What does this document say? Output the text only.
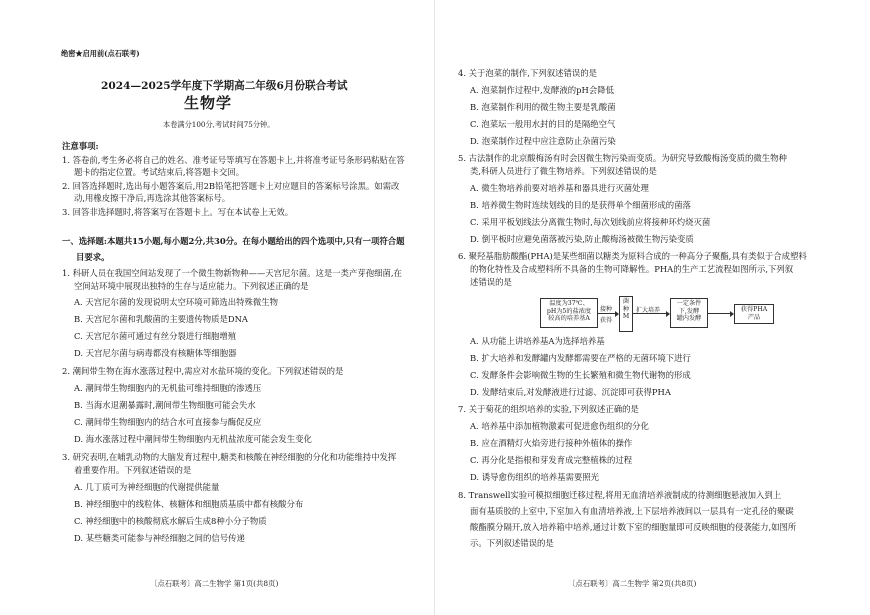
绝密★启用前(点石联考)
2024—2025学年度下学期高二年级6月份联合考试
生物学
本卷满分100分,考试时间75分钟。
注意事项:
1. 答卷前,考生务必将自己的姓名、准考证号等填写在答题卡上,并将准考证号条形码粘贴在答
题卡的指定位置。考试结束后,将答题卡交回。
2. 回答选择题时,选出每小题答案后,用2B铅笔把答题卡上对应题目的答案标号涂黑。如需改
动,用橡皮擦干净后,再选涂其他答案标号。
3. 回答非选择题时,将答案写在答题卡上。写在本试卷上无效。
一、选择题:本题共15小题,每小题2分,共30分。在每小题给出的四个选项中,只有一项符合题
目要求。
1. 科研人员在我国空间站发现了一个微生物新物种——天宫尼尔菌。这是一类产芽孢细菌,在
空间站环境中展现出独特的生存与适应能力。下列叙述正确的是
A. 天宫尼尔菌的发现说明太空环境可筛选出特殊微生物
B. 天宫尼尔菌和乳酸菌的主要遗传物质是DNA
C. 天宫尼尔菌可通过有丝分裂进行细胞增殖
D. 天宫尼尔菌与病毒都没有核糖体等细胞器
2. 潮间带生物在海水涨落过程中,需应对水盐环境的变化。下列叙述错误的是
A. 潮间带生物细胞内的无机盐可维持细胞的渗透压
B. 当海水退潮暴露时,潮间带生物细胞可能会失水
C. 潮间带生物细胞内的结合水可直接参与酶促反应
D. 海水涨落过程中潮间带生物细胞内无机盐浓度可能会发生变化
3. 研究表明,在哺乳动物的大脑发育过程中,糖类和核酸在神经细胞的分化和功能维持中发挥
着重要作用。下列叙述错误的是
A. 几丁质可为神经细胞的代谢提供能量
B. 神经细胞中的线粒体、核糖体和细胞质基质中都有核酸分布
C. 神经细胞中的核酸彻底水解后生成8种小分子物质
D. 某些糖类可能参与神经细胞之间的信号传递
〔点石联考〕高二生物学 第1页(共8页)
4. 关于泡菜的制作,下列叙述错误的是
A. 泡菜制作过程中,发酵液的pH会降低
B. 泡菜制作利用的微生物主要是乳酸菌
C. 泡菜坛一般用水封的目的是隔绝空气
D. 泡菜制作过程中应注意防止杂菌污染
5. 古法制作的北京酸梅汤有时会因微生物污染而变质。为研究导致酸梅汤变质的微生物种
类,科研人员进行了微生物培养。下列叙述错误的是
A. 微生物培养前要对培养基和器具进行灭菌处理
B. 培养微生物时连续划线的目的是获得单个细菌形成的菌落
C. 采用平板划线法分离微生物时,每次划线前应将接种环灼烧灭菌
D. 倒平板时应避免菌落被污染,防止酸梅汤被微生物污染变质
6. 聚羟基脂肪酸酯(PHA)是某些细菌以糖类为原料合成的一种高分子聚酯,具有类似于合成塑料
的物化特性及合成塑料所不具备的生物可降解性。PHA的生产工艺流程如图所示,下列叙
述错误的是
温度为37℃、
pH为5的盐浓度
较高的培养基A
接种
获得
菌
种
M
扩大培养
一定条件
下,发酵
罐内发酵
获得PHA
产品
A. 从功能上讲培养基A为选择培养基
B. 扩大培养和发酵罐内发酵都需要在严格的无菌环境下进行
C. 发酵条件会影响微生物的生长繁殖和微生物代谢物的形成
D. 发酵结束后,对发酵液进行过滤、沉淀即可获得PHA
7. 关于菊花的组织培养的实验,下列叙述正确的是
A. 培养基中添加植物激素可促进愈伤组织的分化
B. 应在酒精灯火焰旁进行接种外植体的操作
C. 再分化是指根和芽发育成完整植株的过程
D. 诱导愈伤组织的培养基需要照光
8. Transwell实验可模拟细胞迁移过程,将用无血清培养液制成的待测细胞悬液加入到上
面有基质胶的上室中,下室加入有血清培养液,上下层培养液间以一层具有一定孔径的聚碳
酸酯膜分隔开,放入培养箱中培养,通过计数下室的细胞量即可反映细胞的侵袭能力,如图所
示。下列叙述错误的是
〔点石联考〕高二生物学 第2页(共8页)
